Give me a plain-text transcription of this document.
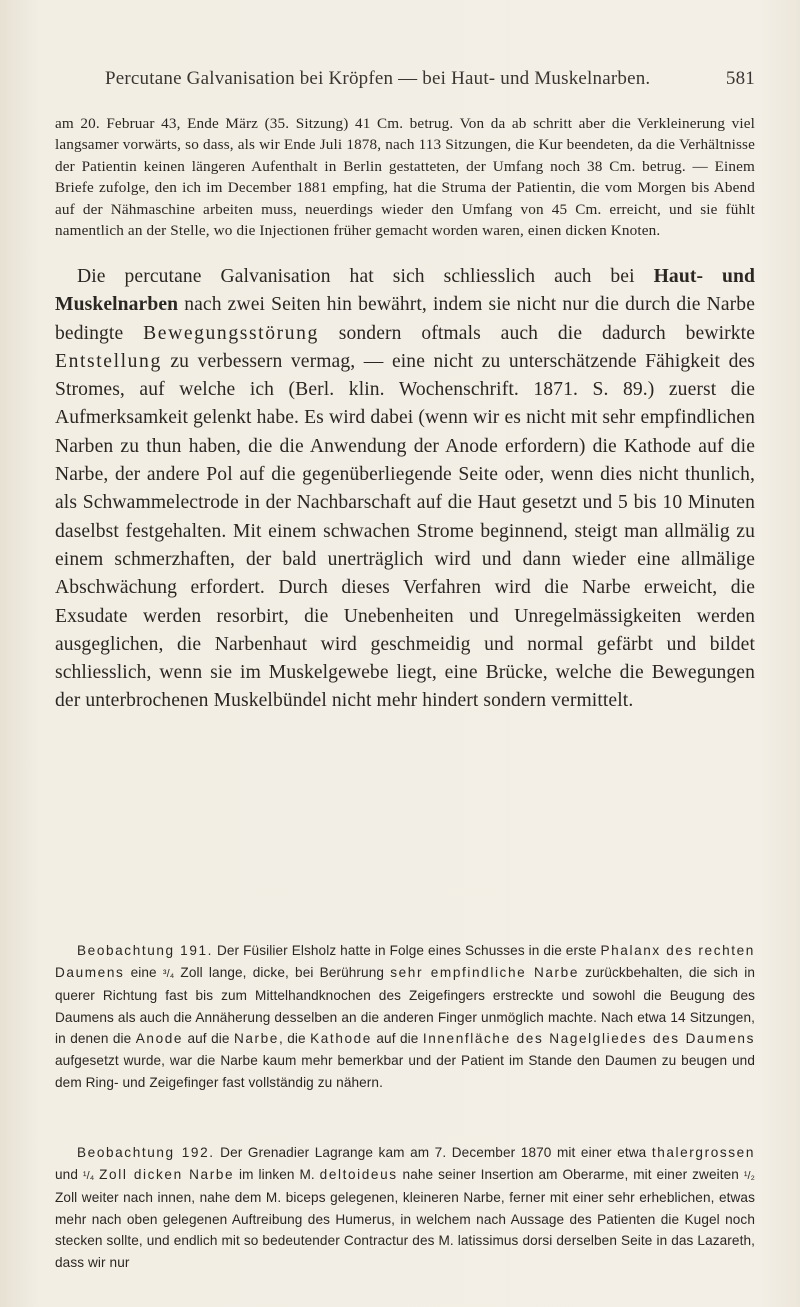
Percutane Galvanisation bei Kröpfen — bei Haut- und Muskelnarben.	581

am 20. Februar 43, Ende März (35. Sitzung) 41 Cm. betrug. Von da ab schritt aber die Verkleinerung viel langsamer vorwärts, so dass, als wir Ende Juli 1878, nach 113 Sitzungen, die Kur beendeten, da die Verhältnisse der Patientin keinen längeren Aufenthalt in Berlin gestatteten, der Umfang noch 38 Cm. betrug. — Einem Briefe zufolge, den ich im December 1881 empfing, hat die Struma der Patientin, die vom Morgen bis Abend auf der Nähmaschine arbeiten muss, neuerdings wieder den Umfang von 45 Cm. erreicht, und sie fühlt namentlich an der Stelle, wo die Injectionen früher gemacht worden waren, einen dicken Knoten.

Die percutane Galvanisation hat sich schliesslich auch bei Haut- und Muskelnarben nach zwei Seiten hin bewährt, indem sie nicht nur die durch die Narbe bedingte Bewegungsstörung sondern oftmals auch die dadurch bewirkte Entstellung zu verbessern vermag, — eine nicht zu unterschätzende Fähigkeit des Stromes, auf welche ich (Berl. klin. Wochenschrift. 1871. S. 89.) zuerst die Aufmerksamkeit gelenkt habe. Es wird dabei (wenn wir es nicht mit sehr empfindlichen Narben zu thun haben, die die Anwendung der Anode erfordern) die Kathode auf die Narbe, der andere Pol auf die gegenüberliegende Seite oder, wenn dies nicht thunlich, als Schwammelectrode in der Nachbarschaft auf die Haut gesetzt und 5 bis 10 Minuten daselbst festgehalten. Mit einem schwachen Strome beginnend, steigt man allmälig zu einem schmerzhaften, der bald unerträglich wird und dann wieder eine allmälige Abschwächung erfordert. Durch dieses Verfahren wird die Narbe erweicht, die Exsudate werden resorbirt, die Unebenheiten und Unregelmässigkeiten werden ausgeglichen, die Narbenhaut wird geschmeidig und normal gefärbt und bildet schliesslich, wenn sie im Muskelgewebe liegt, eine Brücke, welche die Bewegungen der unterbrochenen Muskelbündel nicht mehr hindert sondern vermittelt.

Beobachtung 191. Der Füsilier Elsholz hatte in Folge eines Schusses in die erste Phalanx des rechten Daumens eine ³/₄ Zoll lange, dicke, bei Berührung sehr empfindliche Narbe zurückbehalten, die sich in querer Richtung fast bis zum Mittelhandknochen des Zeigefingers erstreckte und sowohl die Beugung des Daumens als auch die Annäherung desselben an die anderen Finger unmöglich machte. Nach etwa 14 Sitzungen, in denen die Anode auf die Narbe, die Kathode auf die Innenfläche des Nagelgliedes des Daumens aufgesetzt wurde, war die Narbe kaum mehr bemerkbar und der Patient im Stande den Daumen zu beugen und dem Ring- und Zeigefinger fast vollständig zu nähern.

Beobachtung 192. Der Grenadier Lagrange kam am 7. December 1870 mit einer etwa thalergrossen und ¹/₄ Zoll dicken Narbe im linken M. deltoideus nahe seiner Insertion am Oberarme, mit einer zweiten ¹/₂ Zoll weiter nach innen, nahe dem M. biceps gelegenen, kleineren Narbe, ferner mit einer sehr erheblichen, etwas mehr nach oben gelegenen Auftreibung des Humerus, in welchem nach Aussage des Patienten die Kugel noch stecken sollte, und endlich mit so bedeutender Contractur des M. latissimus dorsi derselben Seite in das Lazareth, dass wir nur
